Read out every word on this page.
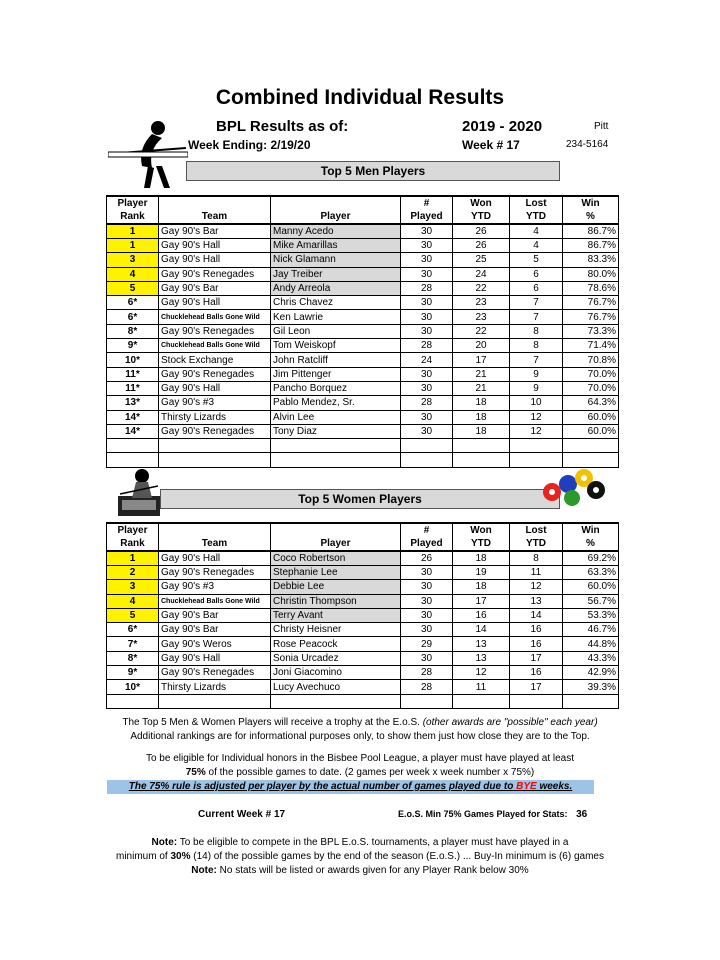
Combined Individual Results
BPL Results as of:	2019 - 2020	Pitt
Week Ending: 2/19/20	Week # 17	234-5164
Top 5 Men Players
Player			#	Won	Lost	Win
Rank	Team	Player	Played	YTD	YTD	%
1	Gay 90's Bar	Manny Acedo	30	26	4	86.7%
1	Gay 90's Hall	Mike Amarillas	30	26	4	86.7%
3	Gay 90's Hall	Nick Glamann	30	25	5	83.3%
4	Gay 90's Renegades	Jay Treiber	30	24	6	80.0%
5	Gay 90's Bar	Andy Arreola	28	22	6	78.6%
6*	Gay 90's Hall	Chris Chavez	30	23	7	76.7%
6*	Chucklehead Balls Gone Wild	Ken Lawrie	30	23	7	76.7%
8*	Gay 90's Renegades	Gil Leon	30	22	8	73.3%
9*	Chucklehead Balls Gone Wild	Tom Weiskopf	28	20	8	71.4%
10*	Stock Exchange	John Ratcliff	24	17	7	70.8%
11*	Gay 90's Renegades	Jim Pittenger	30	21	9	70.0%
11*	Gay 90's Hall	Pancho Borquez	30	21	9	70.0%
13*	Gay 90's #3	Pablo Mendez, Sr.	28	18	10	64.3%
14*	Thirsty Lizards	Alvin Lee	30	18	12	60.0%
14*	Gay 90's Renegades	Tony Diaz	30	18	12	60.0%

Top 5 Women Players
Player			#	Won	Lost	Win
Rank	Team	Player	Played	YTD	YTD	%
1	Gay 90's Hall	Coco Robertson	26	18	8	69.2%
2	Gay 90's Renegades	Stephanie Lee	30	19	11	63.3%
3	Gay 90's #3	Debbie Lee	30	18	12	60.0%
4	Chucklehead Balls Gone Wild	Christin Thompson	30	17	13	56.7%
5	Gay 90's Bar	Terry Avant	30	16	14	53.3%
6*	Gay 90's Bar	Christy Heisner	30	14	16	46.7%
7*	Gay 90's Weros	Rose Peacock	29	13	16	44.8%
8*	Gay 90's Hall	Sonia Urcadez	30	13	17	43.3%
9*	Gay 90's Renegades	Joni Giacomino	28	12	16	42.9%
10*	Thirsty Lizards	Lucy Avechuco	28	11	17	39.3%

The Top 5 Men & Women Players will receive a trophy at the E.o.S. (other awards are "possible" each year)
Additional rankings are for informational purposes only, to show them just how close they are to the Top.
To be eligible for Individual honors in the Bisbee Pool League, a player must have played at least
75% of the possible games to date. (2 games per week x week number x 75%)
The 75% rule is adjusted per player by the actual number of games played due to BYE weeks.
Current Week # 17	E.o.S. Min 75% Games Played for Stats: 36
Note: To be eligible to compete in the BPL E.o.S. tournaments, a player must have played in a
minimum of 30% (14) of the possible games by the end of the season (E.o.S.) ... Buy-In minimum is (6) games
Note: No stats will be listed or awards given for any Player Rank below 30%
